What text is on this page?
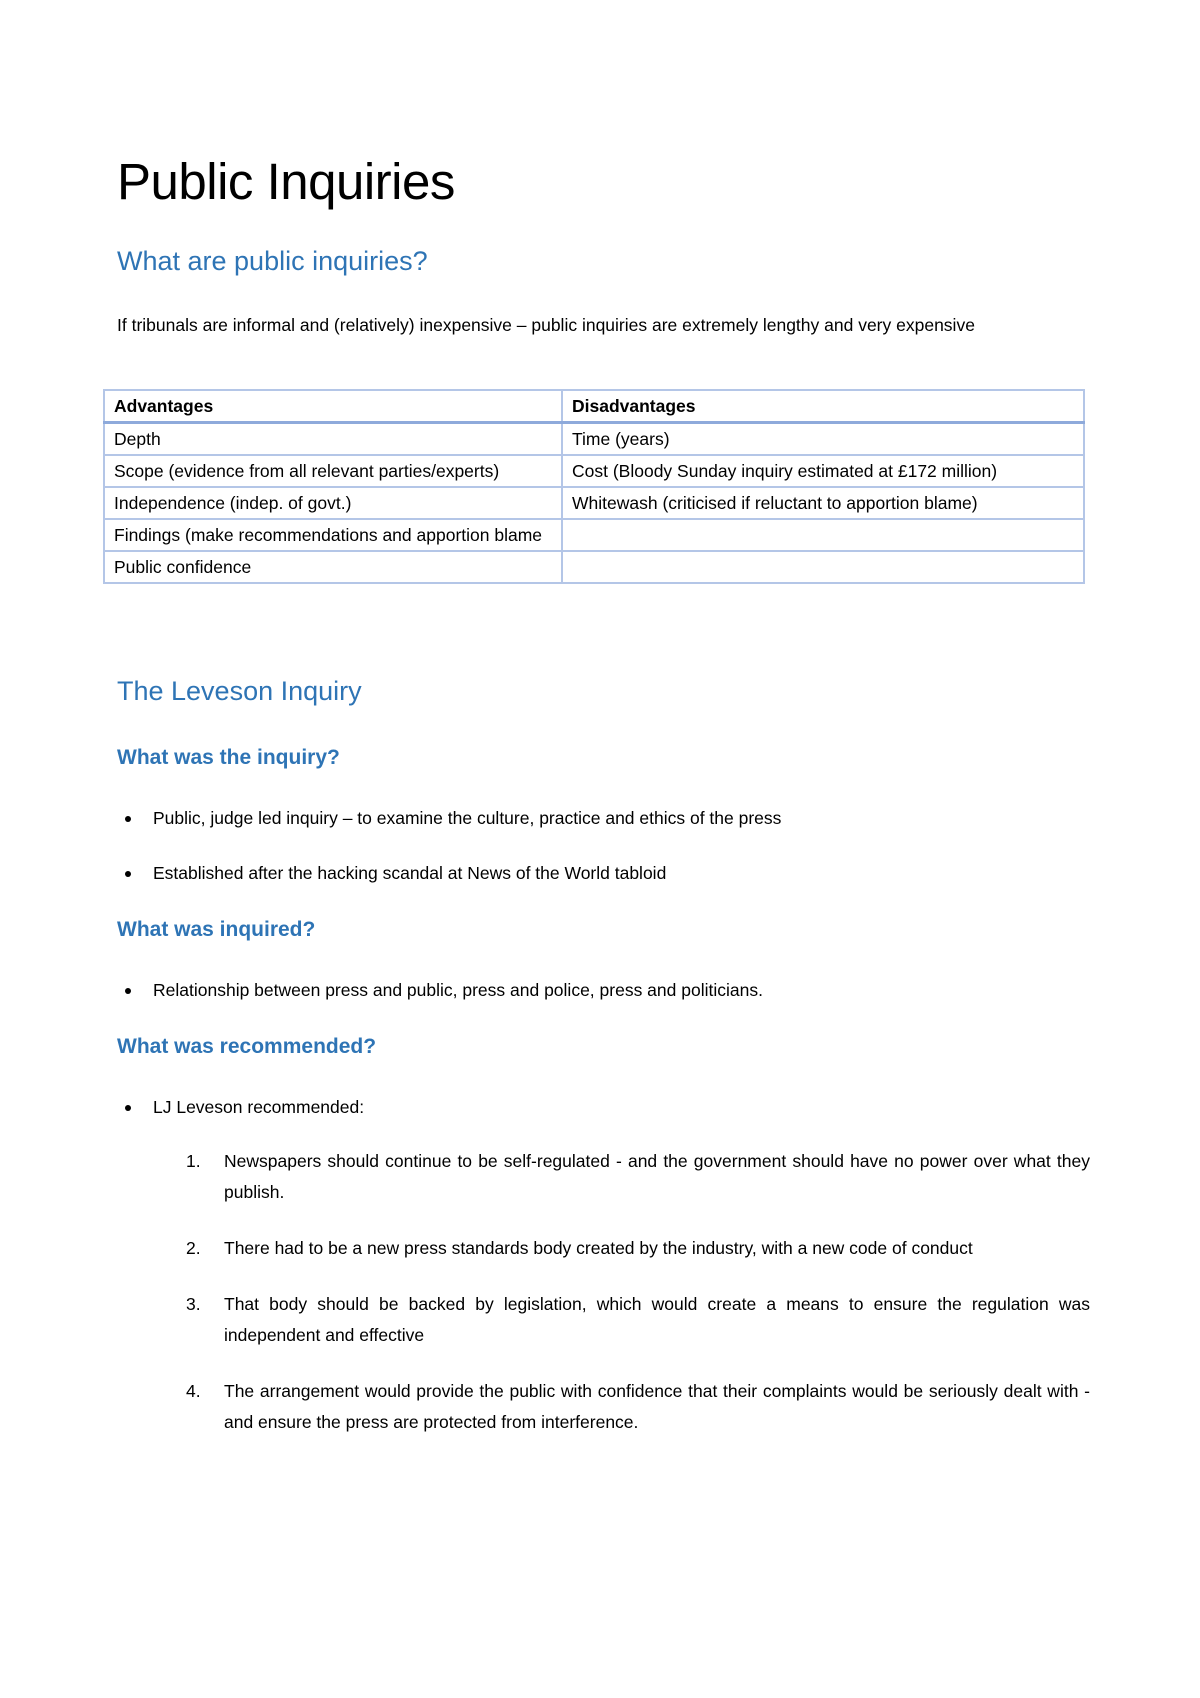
Public Inquiries
What are public inquiries?

If tribunals are informal and (relatively) inexpensive – public inquiries are extremely lengthy and very expensive

Advantages	Disadvantages
Depth	Time (years)
Scope (evidence from all relevant parties/experts)	Cost (Bloody Sunday inquiry estimated at £172 million)
Independence (indep. of govt.)	Whitewash (criticised if reluctant to apportion blame)
Findings (make recommendations and apportion blame	
Public confidence	
The Leveson Inquiry
What was the inquiry?
Public, judge led inquiry – to examine the culture, practice and ethics of the press
Established after the hacking scandal at News of the World tabloid
What was inquired?
Relationship between press and public, press and police, press and politicians.
What was recommended?
LJ Leveson recommended:
1. Newspapers should continue to be self-regulated - and the government should have no power over what they publish.
2. There had to be a new press standards body created by the industry, with a new code of conduct
3. That body should be backed by legislation, which would create a means to ensure the regulation was independent and effective
4. The arrangement would provide the public with confidence that their complaints would be seriously dealt with - and ensure the press are protected from interference.
